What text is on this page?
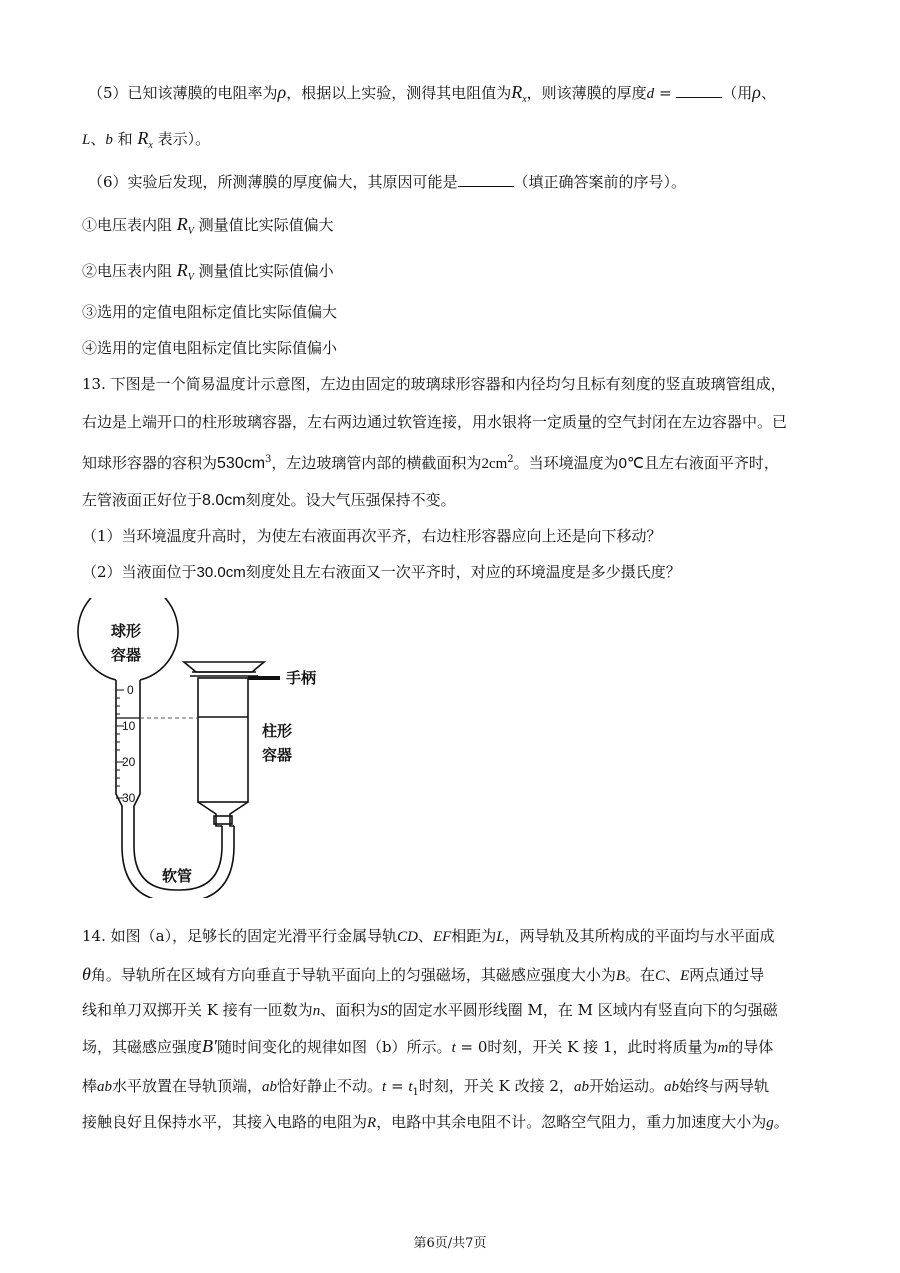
（5）已知该薄膜的电阻率为ρ，根据以上实验，测得其电阻值为$R_x$，则该薄膜的厚度d =	（用ρ、
L、b 和 $R_x$ 表示）。
（6）实验后发现，所测薄膜的厚度偏大，其原因可能是	（填正确答案前的序号）。
①电压表内阻 $R_V$ 测量值比实际值偏大
②电压表内阻 $R_V$ 测量值比实际值偏小
③选用的定值电阻标定值比实际值偏大
④选用的定值电阻标定值比实际值偏小
13. 下图是一个简易温度计示意图，左边由固定的玻璃球形容器和内径均匀且标有刻度的竖直玻璃管组成，
右边是上端开口的柱形玻璃容器，左右两边通过软管连接，用水银将一定质量的空气封闭在左边容器中。已
知球形容器的容积为$530cm^3$，左边玻璃管内部的横截面积为$2cm^2$。当环境温度为0℃且左右液面平齐时，
左管液面正好位于8.0cm刻度处。设大气压强保持不变。
（1）当环境温度升高时，为使左右液面再次平齐，右边柱形容器应向上还是向下移动？
（2）当液面位于30.0cm刻度处且左右液面又一次平齐时，对应的环境温度是多少摄氏度？
0
10
20
30
球形
容器
手柄
柱形
容器
软管
14. 如图（a），足够长的固定光滑平行金属导轨CD、EF相距为L，两导轨及其所构成的平面均与水平面成
θ角。导轨所在区域有方向垂直于导轨平面向上的匀强磁场，其磁感应强度大小为B。在C、E两点通过导
线和单刀双掷开关 K 接有一匝数为n、面积为S的固定水平圆形线圈 M，在 M 区域内有竖直向下的匀强磁
场，其磁感应强度B′随时间变化的规律如图（b）所示。t = 0时刻，开关 K 接 1，此时将质量为m的导体
棒ab水平放置在导轨顶端，ab恰好静止不动。$t = t_1$时刻，开关 K 改接 2，ab开始运动。ab始终与两导轨
接触良好且保持水平，其接入电路的电阻为R，电路中其余电阻不计。忽略空气阻力，重力加速度大小为g。
第6页/共7页
